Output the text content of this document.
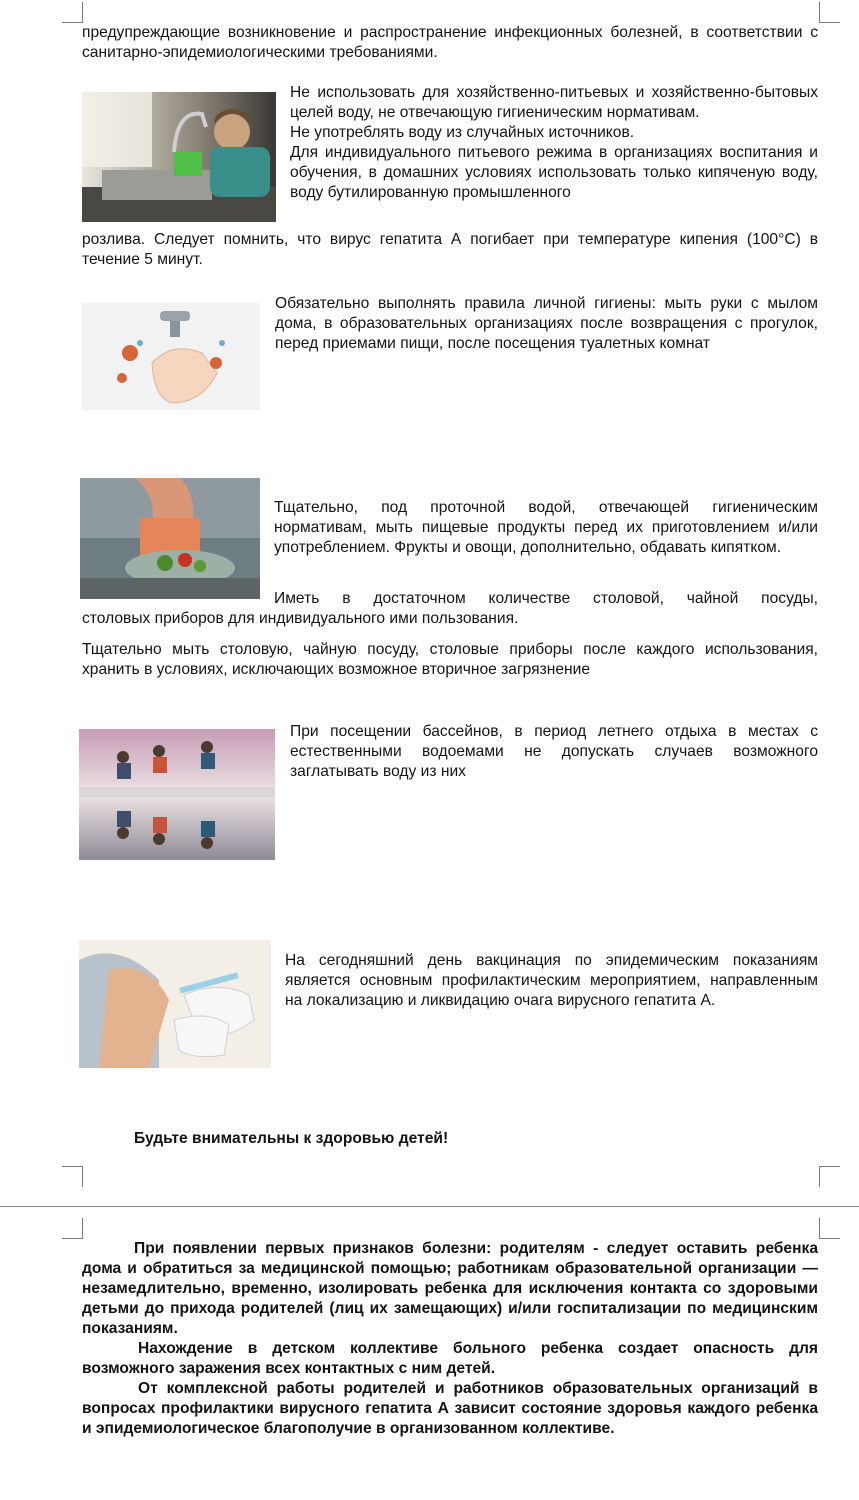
предупреждающие возникновение и распространение инфекционных болезней, в соответствии с санитарно-эпидемиологическими требованиями.

Не использовать для хозяйственно-питьевых и хозяйственно-бытовых целей воду, не отвечающую гигиеническим нормативам.
Не употреблять воду из случайных источников.
Для индивидуального питьевого режима в организациях воспитания и обучения, в домашних условиях использовать только кипяченую воду, воду бутилированную промышленного

розлива. Следует помнить, что вирус гепатита А погибает при температуре кипения (100°C) в течение 5 минут.

Обязательно выполнять правила личной гигиены: мыть руки с мылом дома, в образовательных организациях после возвращения с прогулок, перед приемами пищи, после посещения туалетных комнат

Тщательно, под проточной водой, отвечающей гигиеническим нормативам, мыть пищевые продукты перед их приготовлением и/или употреблением. Фрукты и овощи, дополнительно, обдавать кипятком.

Иметь в достаточном количестве столовой, чайной посуды,

столовых приборов для индивидуального ими пользования.

Тщательно мыть столовую, чайную посуду, столовые приборы после каждого использования, хранить в условиях, исключающих возможное вторичное загрязнение

При посещении бассейнов, в период летнего отдыха в местах с естественными водоемами не допускать случаев возможного заглатывать воду из них

На сегодняшний день вакцинация по эпидемическим показаниям является основным профилактическим мероприятием, направленным на локализацию и ликвидацию очага вирусного гепатита А.

Будьте внимательны к здоровью детей!

При появлении первых признаков болезни: родителям - следует оставить ребенка дома и обратиться за медицинской помощью; работникам образовательной организации — незамедлительно, временно, изолировать ребенка для исключения контакта со здоровыми детьми до прихода родителей (лиц их замещающих) и/или госпитализации по медицинским показаниям.
Нахождение в детском коллективе больного ребенка создает опасность для возможного заражения всех контактных с ним детей.
От комплексной работы родителей и работников образовательных организаций в вопросах профилактики вирусного гепатита А зависит состояние здоровья каждого ребенка и эпидемиологическое благополучие в организованном коллективе.
